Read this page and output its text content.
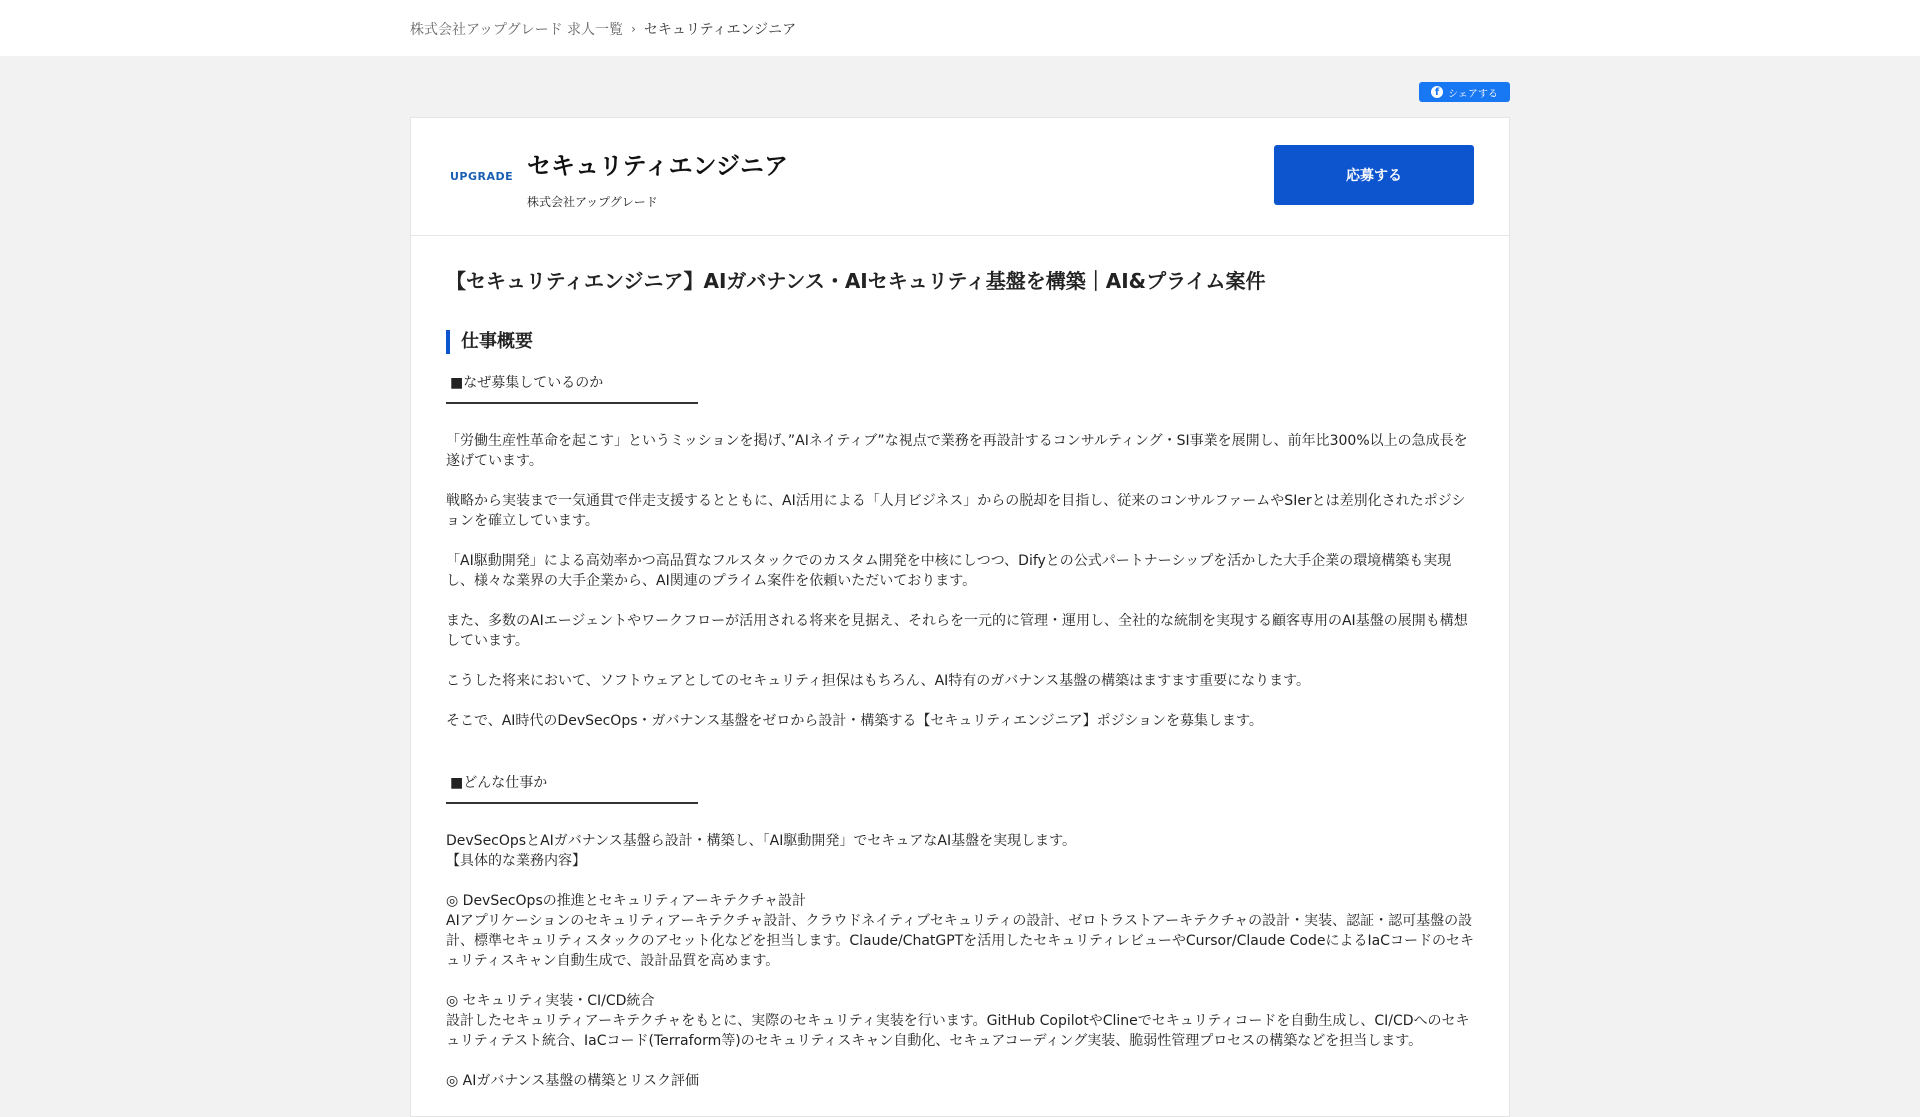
株式会社アップグレード 求人一覧 › セキュリティエンジニア
f シェアする
UPGRADE セキュリティエンジニア
株式会社アップグレード
応募する
【セキュリティエンジニア】AIガバナンス・AIセキュリティ基盤を構築｜AI&プライム案件
仕事概要
■なぜ募集しているのか
「労働生産性革命を起こす」というミッションを掲げ、”AIネイティブ”な視点で業務を再設計するコンサルティング・SI事業を展開し、前年比300%以上の急成長を遂げています。
戦略から実装まで一気通貫で伴走支援するとともに、AI活用による「人月ビジネス」からの脱却を目指し、従来のコンサルファームやSIerとは差別化されたポジションを確立しています。
「AI駆動開発」による高効率かつ高品質なフルスタックでのカスタム開発を中核にしつつ、Difyとの公式パートナーシップを活かした大手企業の環境構築も実現し、様々な業界の大手企業から、AI関連のプライム案件を依頼いただいております。
また、多数のAIエージェントやワークフローが活用される将来を見据え、それらを一元的に管理・運用し、全社的な統制を実現する顧客専用のAI基盤の展開も構想しています。
こうした将来において、ソフトウェアとしてのセキュリティ担保はもちろん、AI特有のガバナンス基盤の構築はますます重要になります。
そこで、AI時代のDevSecOps・ガバナンス基盤をゼロから設計・構築する【セキュリティエンジニア】ポジションを募集します。
■どんな仕事か
DevSecOpsとAIガバナンス基盤ら設計・構築し、「AI駆動開発」でセキュアなAI基盤を実現します。
【具体的な業務内容】
◎ DevSecOpsの推進とセキュリティアーキテクチャ設計
AIアプリケーションのセキュリティアーキテクチャ設計、クラウドネイティブセキュリティの設計、ゼロトラストアーキテクチャの設計・実装、認証・認可基盤の設計、標準セキュリティスタックのアセット化などを担当します。Claude/ChatGPTを活用したセキュリティレビューやCursor/Claude CodeによるIaCコードのセキュリティスキャン自動生成で、設計品質を高めます。
◎ セキュリティ実装・CI/CD統合
設計したセキュリティアーキテクチャをもとに、実際のセキュリティ実装を行います。GitHub CopilotやClineでセキュリティコードを自動生成し、CI/CDへのセキュリティテスト統合、IaCコード(Terraform等)のセキュリティスキャン自動化、セキュアコーディング実装、脆弱性管理プロセスの構築などを担当します。
◎ AIガバナンス基盤の構築とリスク評価
